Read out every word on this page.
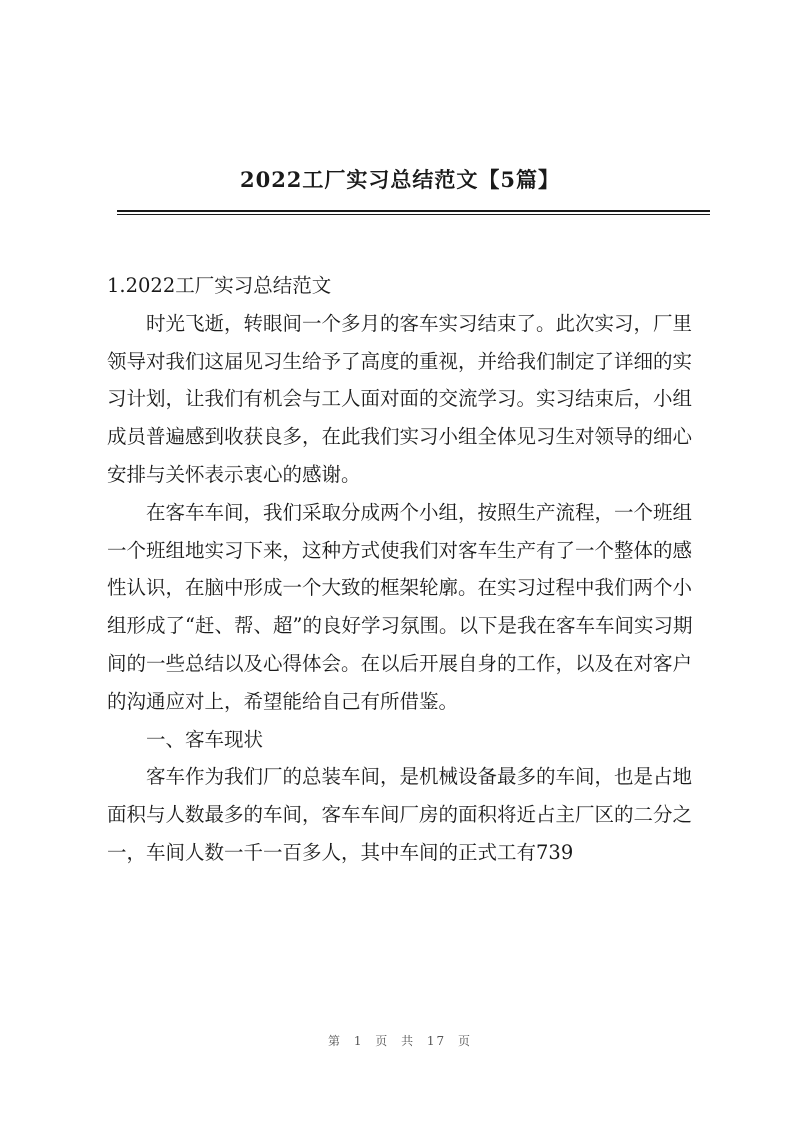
2022工厂实习总结范文【5篇】

1.2022工厂实习总结范文

时光飞逝，转眼间一个多月的客车实习结束了。此次实习，厂里领导对我们这届见习生给予了高度的重视，并给我们制定了详细的实习计划，让我们有机会与工人面对面的交流学习。实习结束后，小组成员普遍感到收获良多，在此我们实习小组全体见习生对领导的细心安排与关怀表示衷心的感谢。

在客车车间，我们采取分成两个小组，按照生产流程，一个班组一个班组地实习下来，这种方式使我们对客车生产有了一个整体的感性认识，在脑中形成一个大致的框架轮廓。在实习过程中我们两个小组形成了“赶、帮、超”的良好学习氛围。以下是我在客车车间实习期间的一些总结以及心得体会。在以后开展自身的工作，以及在对客户的沟通应对上，希望能给自己有所借鉴。

一、客车现状

客车作为我们厂的总装车间，是机械设备最多的车间，也是占地面积与人数最多的车间，客车车间厂房的面积将近占主厂区的二分之一，车间人数一千一百多人，其中车间的正式工有739

第 1 页 共 17 页
